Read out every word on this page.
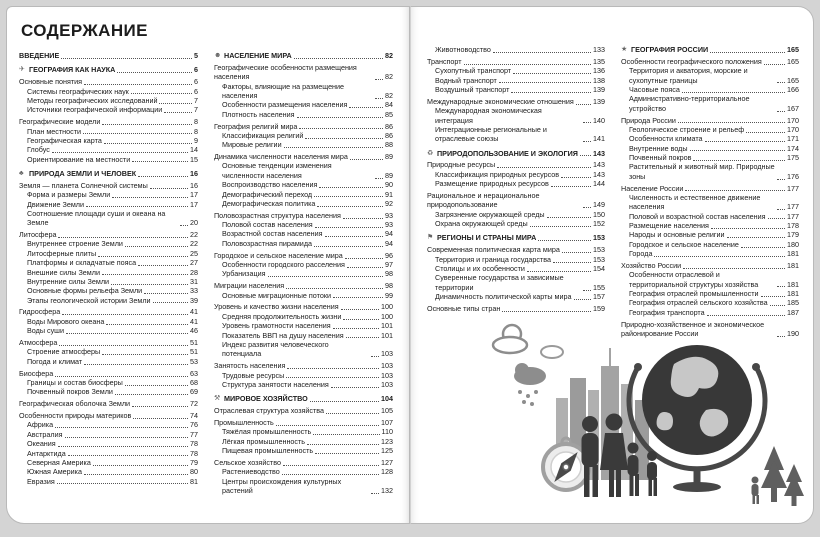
СОДЕРЖАНИЕ
ВВЕДЕНИЕ	5
✈ ГЕОГРАФИЯ КАК НАУКА	6
Основные понятия	6
Системы географических наук	6
Методы географических исследований	7
Источники географической информации	7
Географические модели	8
План местности	8
Географическая карта	9
Глобус	14
Ориентирование на местности	15
♣ ПРИРОДА ЗЕМЛИ И ЧЕЛОВЕК	16
Земля — планета Солнечной системы	16
Форма и размеры Земли	17
Движение Земли	17
Соотношение площади суши и океана на Земле	20
Литосфера	22
Внутреннее строение Земли	22
Литосферные плиты	25
Платформы и складчатые пояса	27
Внешние силы Земли	28
Внутренние силы Земли	31
Основные формы рельефа Земли	33
Этапы геологической истории Земли	39
Гидросфера	41
Воды Мирового океана	41
Воды суши	46
Атмосфера	51
Строение атмосферы	51
Погода и климат	53
Биосфера	63
Границы и состав биосферы	68
Почвенный покров Земли	69
Географическая оболочка Земли	72
Особенности природы материков	74
Африка	76
Австралия	77
Океания	78
Антарктида	78
Северная Америка	79
Южная Америка	80
Евразия	81
☻ НАСЕЛЕНИЕ МИРА	82
Географические особенности размещения населения	82
Факторы, влияющие на размещение населения	82
Особенности размещения населения	84
Плотность населения	85
География религий мира	86
Классификация религий	86
Мировые религии	88
Динамика численности населения мира	89
Основные тенденции изменения численности населения	89
Воспроизводство населения	90
Демографический переход	91
Демографическая политика	92
Половозрастная структура населения	93
Половой состав населения	93
Возрастной состав населения	94
Половозрастная пирамида	94
Городское и сельское население мира	96
Особенности городского расселения	97
Урбанизация	98
Миграции населения	98
Основные миграционные потоки	99
Уровень и качество жизни населения	100
Средняя продолжительность жизни	100
Уровень грамотности населения	101
Показатель ВВП на душу населения	101
Индекс развития человеческого потенциала	103
Занятость населения	103
Трудовые ресурсы	103
Структура занятости населения	103
⚒ МИРОВОЕ ХОЗЯЙСТВО	104
Отраслевая структура хозяйства	105
Промышленность	107
Тяжёлая промышленность	110
Лёгкая промышленность	123
Пищевая промышленность	125
Сельское хозяйство	127
Растениеводство	128
Центры происхождения культурных растений	132
Животноводство	133
Транспорт	135
Сухопутный транспорт	136
Водный транспорт	138
Воздушный транспорт	139
Международные экономические отношения	139
Международная экономическая интеграция	140
Интеграционные региональные и отраслевые союзы	141
♻ ПРИРОДОПОЛЬЗОВАНИЕ И ЭКОЛОГИЯ 143
Природные ресурсы	143
Классификация природных ресурсов	143
Размещение природных ресурсов	144
Рациональное и нерациональное природопользование	149
Загрязнение окружающей среды	150
Охрана окружающей среды	152
⚑ РЕГИОНЫ И СТРАНЫ МИРА	153
Современная политическая карта мира	153
Территория и граница государства	153
Столицы и их особенности	154
Суверенные государства и зависимые территории	155
Динамичность политической карты мира	157
Основные типы стран	159
★ ГЕОГРАФИЯ РОССИИ	165
Особенности географического положения	165
Территория и акватория, морские и сухопутные границы	165
Часовые пояса	166
Административно-территориальное устройство	167
Природа России	170
Геологическое строение и рельеф	170
Особенности климата	171
Внутренние воды	174
Почвенный покров	175
Растительный и животный мир. Природные зоны	176
Население России	177
Численность и естественное движение населения	177
Половой и возрастной состав населения	177
Размещение населения	178
Народы и основные религии	179
Городское и сельское население	180
Города	181
Хозяйство России	181
Особенности отраслевой и территориальной структуры хозяйства	181
География отраслей промышленности	181
География отраслей сельского хозяйства	185
География транспорта	187
Природно-хозяйственное и экономическое районирование России	190
